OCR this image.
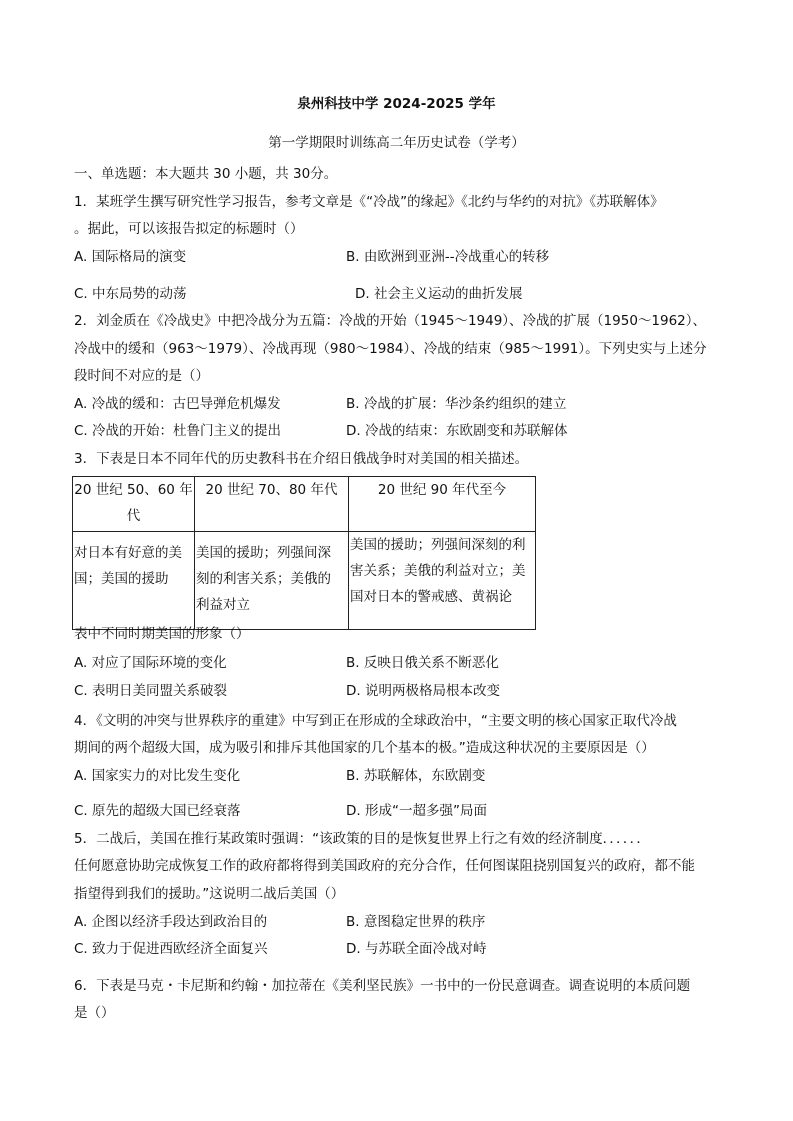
泉州科技中学 2024-2025 学年
第一学期限时训练高二年历史试卷（学考）
一、单选题：本大题共 30 小题，共 30分。
1．某班学生撰写研究性学习报告，参考文章是《“冷战”的缘起》《北约与华约的对抗》《苏联解体》
。据此，可以该报告拟定的标题时（）
A. 国际格局的演变	B. 由欧洲到亚洲--冷战重心的转移
C. 中东局势的动荡	D. 社会主义运动的曲折发展
2．刘金质在《冷战史》中把冷战分为五篇：冷战的开始（1945～1949）、冷战的扩展（1950～1962）、
冷战中的缓和（963～1979）、冷战再现（980～1984）、冷战的结束（985～1991）。下列史实与上述分
段时间不对应的是（）
A. 冷战的缓和：古巴导弹危机爆发	B. 冷战的扩展：华沙条约组织的建立
C. 冷战的开始：杜鲁门主义的提出	D. 冷战的结束：东欧剧变和苏联解体
3．下表是日本不同年代的历史教科书在介绍日俄战争时对美国的相关描述。
20 世纪 50、60 年
代	20 世纪 70、80 年代	20 世纪 90 年代至今
对日本有好意的美
国；美国的援助	美国的援助；列强间深
刻的利害关系；美俄的
利益对立	美国的援助；列强间深刻的利
害关系；美俄的利益对立；美
国对日本的警戒感、黄祸论
表中不同时期美国的形象（）
A. 对应了国际环境的变化	B. 反映日俄关系不断恶化
C. 表明日美同盟关系破裂	D. 说明两极格局根本改变
4．《文明的冲突与世界秩序的重建》中写到正在形成的全球政治中，“主要文明的核心国家正取代冷战
期间的两个超级大国，成为吸引和排斥其他国家的几个基本的极。”造成这种状况的主要原因是（）
A. 国家实力的对比发生变化	B. 苏联解体，东欧剧变
C. 原先的超级大国已经衰落	D. 形成“一超多强”局面
5．二战后，美国在推行某政策时强调：“该政策的目的是恢复世界上行之有效的经济制度．．．．．．
任何愿意协助完成恢复工作的政府都将得到美国政府的充分合作，任何图谋阻挠别国复兴的政府，都不能
指望得到我们的援助。”这说明二战后美国（）
A. 企图以经济手段达到政治目的	B. 意图稳定世界的秩序
C. 致力于促进西欧经济全面复兴	D. 与苏联全面冷战对峙
6．下表是马克・卡尼斯和约翰・加拉蒂在《美利坚民族》一书中的一份民意调查。调查说明的本质问题
是（）
